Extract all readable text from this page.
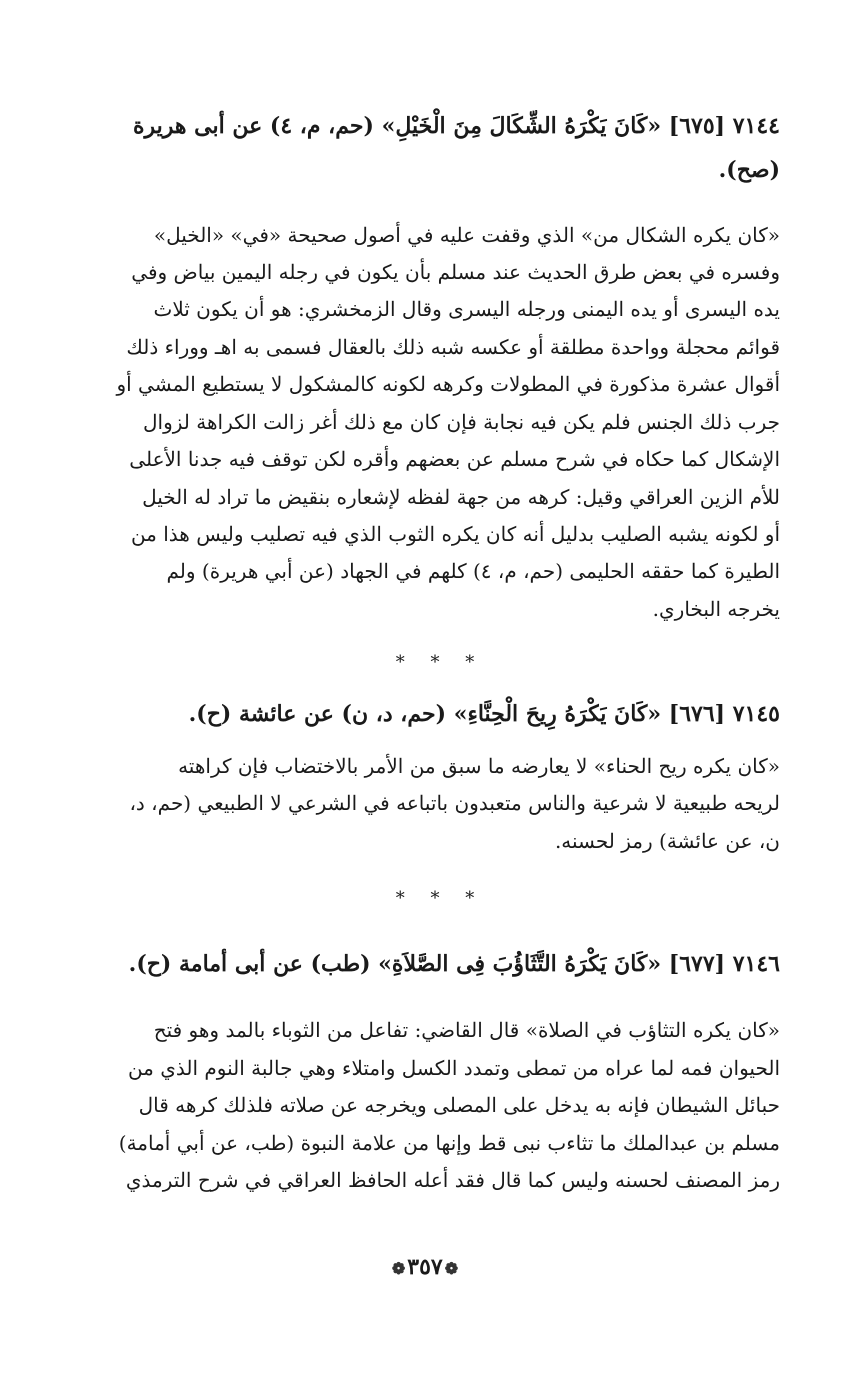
٧١٤٤ [٦٧٥] «كَانَ يَكْرَهُ الشِّكَالَ مِنَ الْخَيْلِ» (حم، م، ٤) عن أبى هريرة
(صح).
«كان يكره الشكال من» الذي وقفت عليه في أصول صحيحة «في» «الخيل»
وفسره في بعض طرق الحديث عند مسلم بأن يكون في رجله اليمين بياض وفي
يده اليسرى أو يده اليمنى ورجله اليسرى وقال الزمخشري: هو أن يكون ثلاث
قوائم محجلة وواحدة مطلقة أو عكسه شبه ذلك بالعقال فسمى به اهـ ووراء ذلك
أقوال عشرة مذكورة في المطولات وكرهه لكونه كالمشكول لا يستطيع المشي أو
جرب ذلك الجنس فلم يكن فيه نجابة فإن كان مع ذلك أغر زالت الكراهة لزوال
الإشكال كما حكاه في شرح مسلم عن بعضهم وأقره لكن توقف فيه جدنا الأعلى
للأم الزين العراقي وقيل: كرهه من جهة لفظه لإشعاره بنقيض ما تراد له الخيل
أو لكونه يشبه الصليب بدليل أنه كان يكره الثوب الذي فيه تصليب وليس هذا من
الطيرة كما حققه الحليمى (حم، م، ٤) كلهم في الجهاد (عن أبي هريرة) ولم
يخرجه البخاري.
* * *
٧١٤٥ [٦٧٦] «كَانَ يَكْرَهُ رِيحَ الْحِنَّاءِ» (حم، د، ن) عن عائشة (ح).
«كان يكره ريح الحناء» لا يعارضه ما سبق من الأمر بالاختضاب فإن كراهته
لريحه طبيعية لا شرعية والناس متعبدون باتباعه في الشرعي لا الطبيعي (حم، د،
ن، عن عائشة) رمز لحسنه.
* * *
٧١٤٦ [٦٧٧] «كَانَ يَكْرَهُ التَّثَاؤُبَ فِى الصَّلاَةِ» (طب) عن أبى أمامة (ح).
«كان يكره التثاؤب في الصلاة» قال القاضي: تفاعل من الثوباء بالمد وهو فتح
الحيوان فمه لما عراه من تمطى وتمدد الكسل وامتلاء وهي جالبة النوم الذي من
حبائل الشيطان فإنه به يدخل على المصلى ويخرجه عن صلاته فلذلك كرهه قال
مسلم بن عبدالملك ما تثاءب نبى قط وإنها من علامة النبوة (طب، عن أبي أمامة)
رمز المصنف لحسنه وليس كما قال فقد أعله الحافظ العراقي في شرح الترمذي
❁٣٥٧❁
